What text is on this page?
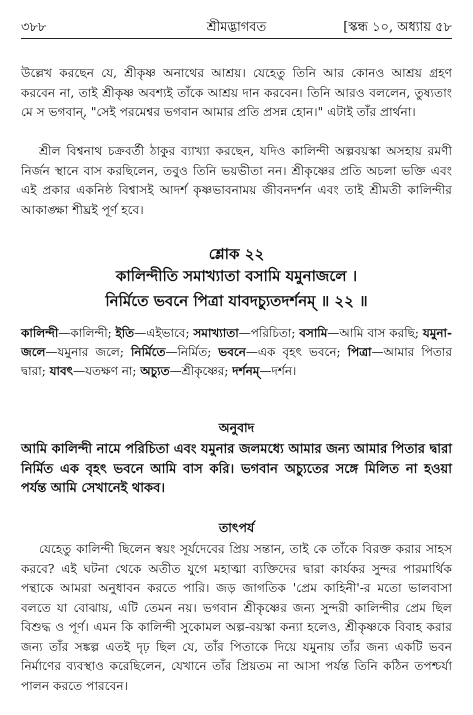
৩৮৮	শ্রীমদ্ভাগবত	[স্কন্ধ ১০, অধ্যায় ৫৮
উল্লেখ করছেন যে, শ্রীকৃষ্ণ অনাথের আশ্রয়। যেহেতু তিনি আর কোনও আশ্রয় গ্রহণ করবেন না, তাই শ্রীকৃষ্ণ অবশ্যই তাঁকে আশ্রয় দান করবেন। তিনি আরও বললেন, তুষ্যতাং মে স ভগবান্, "সেই পরমেশ্বর ভগবান আমার প্রতি প্রসন্ন হোন।" এটাই তাঁর প্রার্থনা।
শ্রীল বিশ্বনাথ চক্রবর্তী ঠাকুর ব্যাখ্যা করছেন, যদিও কালিন্দী অল্পবয়স্কা অসহায় রমণী নির্জন স্থানে বাস করছিলেন, তবুও তিনি ভয়ভীতা নন। শ্রীকৃষ্ণের প্রতি অচলা ভক্তি এবং এই প্রকার একনিষ্ঠ বিশ্বাসই আদর্শ কৃষ্ণভাবনাময় জীবনদর্শন এবং তাই শ্রীমতী কালিন্দীর আকাঙ্ক্ষা শীঘ্রই পূর্ণ হবে।
শ্লোক ২২
কালিন্দীতি সমাখ্যাতা বসামি যমুনাজলে ।
নির্মিতে ভবনে পিত্রা যাবদচ্যুতদর্শনম্ ॥ ২২ ॥
কালিন্দী—কালিন্দী; ইতি—এইভাবে; সমাখ্যাতা—পরিচিতা; বসামি—আমি বাস করছি; যমুনা-জলে—যমুনার জলে; নির্মিতে—নির্মিত; ভবনে—এক বৃহৎ ভবনে; পিত্রা—আমার পিতার দ্বারা; যাবৎ—যতক্ষণ না; অচ্যুত—শ্রীকৃষ্ণের; দর্শনম্—দর্শন।
অনুবাদ
আমি কালিন্দী নামে পরিচিতা এবং যমুনার জলমধ্যে আমার জন্য আমার পিতার দ্বারা নির্মিত এক বৃহৎ ভবনে আমি বাস করি। ভগবান অচ্যুতের সঙ্গে মিলিত না হওয়া পর্যন্ত আমি সেখানেই থাকব।
তাৎপর্য
যেহেতু কালিন্দী ছিলেন স্বয়ং সূর্যদেবের প্রিয় সন্তান, তাই কে তাঁকে বিরক্ত করার সাহস করবে? এই ঘটনা থেকে অতীত যুগে মহাত্মা ব্যক্তিদের দ্বারা কার্যকর সুন্দর পারমার্থিক পন্থাকে আমরা অনুধাবন করতে পারি। জড় জাগতিক 'প্রেম কাহিনী'-র মতো ভালবাসা বলতে যা বোঝায়, এটি তেমন নয়। ভগবান শ্রীকৃষ্ণের জন্য সুন্দরী কালিন্দীর প্রেম ছিল বিশুদ্ধ ও পূর্ণ। এমন কি কালিন্দী সুকোমল অল্প-বয়স্কা কন্যা হলেও, শ্রীকৃষ্ণকে বিবাহ করার জন্য তাঁর সঙ্কল্প এতই দৃঢ় ছিল যে, তাঁর পিতাকে দিয়ে যমুনায় তাঁর জন্য একটি ভবন নির্মাণের ব্যবস্থাও করেছিলেন, যেখানে তাঁর প্রিয়তম না আসা পর্যন্ত তিনি কঠিন তপশ্চর্যা পালন করতে পারবেন।
